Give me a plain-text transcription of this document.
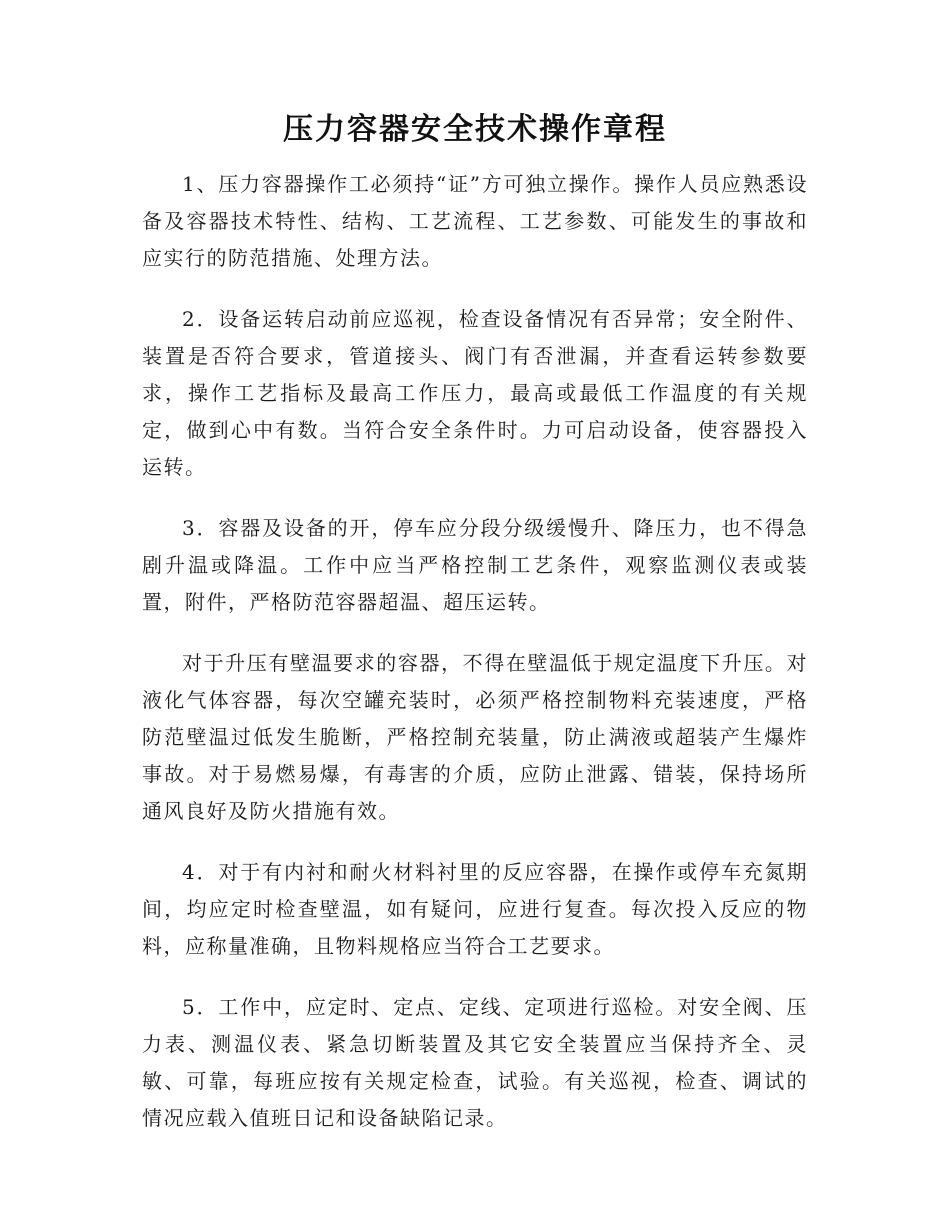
压力容器安全技术操作章程

1、压力容器操作工必须持“证”方可独立操作。操作人员应熟悉设备及容器技术特性、结构、工艺流程、工艺参数、可能发生的事故和应实行的防范措施、处理方法。

2．设备运转启动前应巡视，检查设备情况有否异常；安全附件、装置是否符合要求，管道接头、阀门有否泄漏，并查看运转参数要求，操作工艺指标及最高工作压力，最高或最低工作温度的有关规定，做到心中有数。当符合安全条件时。力可启动设备，使容器投入运转。

3．容器及设备的开，停车应分段分级缓慢升、降压力，也不得急剧升温或降温。工作中应当严格控制工艺条件，观察监测仪表或装置，附件，严格防范容器超温、超压运转。

对于升压有壁温要求的容器，不得在壁温低于规定温度下升压。对液化气体容器，每次空罐充装时，必须严格控制物料充装速度，严格防范壁温过低发生脆断，严格控制充装量，防止满液或超装产生爆炸事故。对于易燃易爆，有毒害的介质，应防止泄露、错装，保持场所通风良好及防火措施有效。

4．对于有内衬和耐火材料衬里的反应容器，在操作或停车充氮期间，均应定时检查壁温，如有疑问，应进行复查。每次投入反应的物料，应称量准确，且物料规格应当符合工艺要求。

5．工作中，应定时、定点、定线、定项进行巡检。对安全阀、压力表、测温仪表、紧急切断装置及其它安全装置应当保持齐全、灵敏、可靠，每班应按有关规定检查，试验。有关巡视，检查、调试的情况应载入值班日记和设备缺陷记录。
